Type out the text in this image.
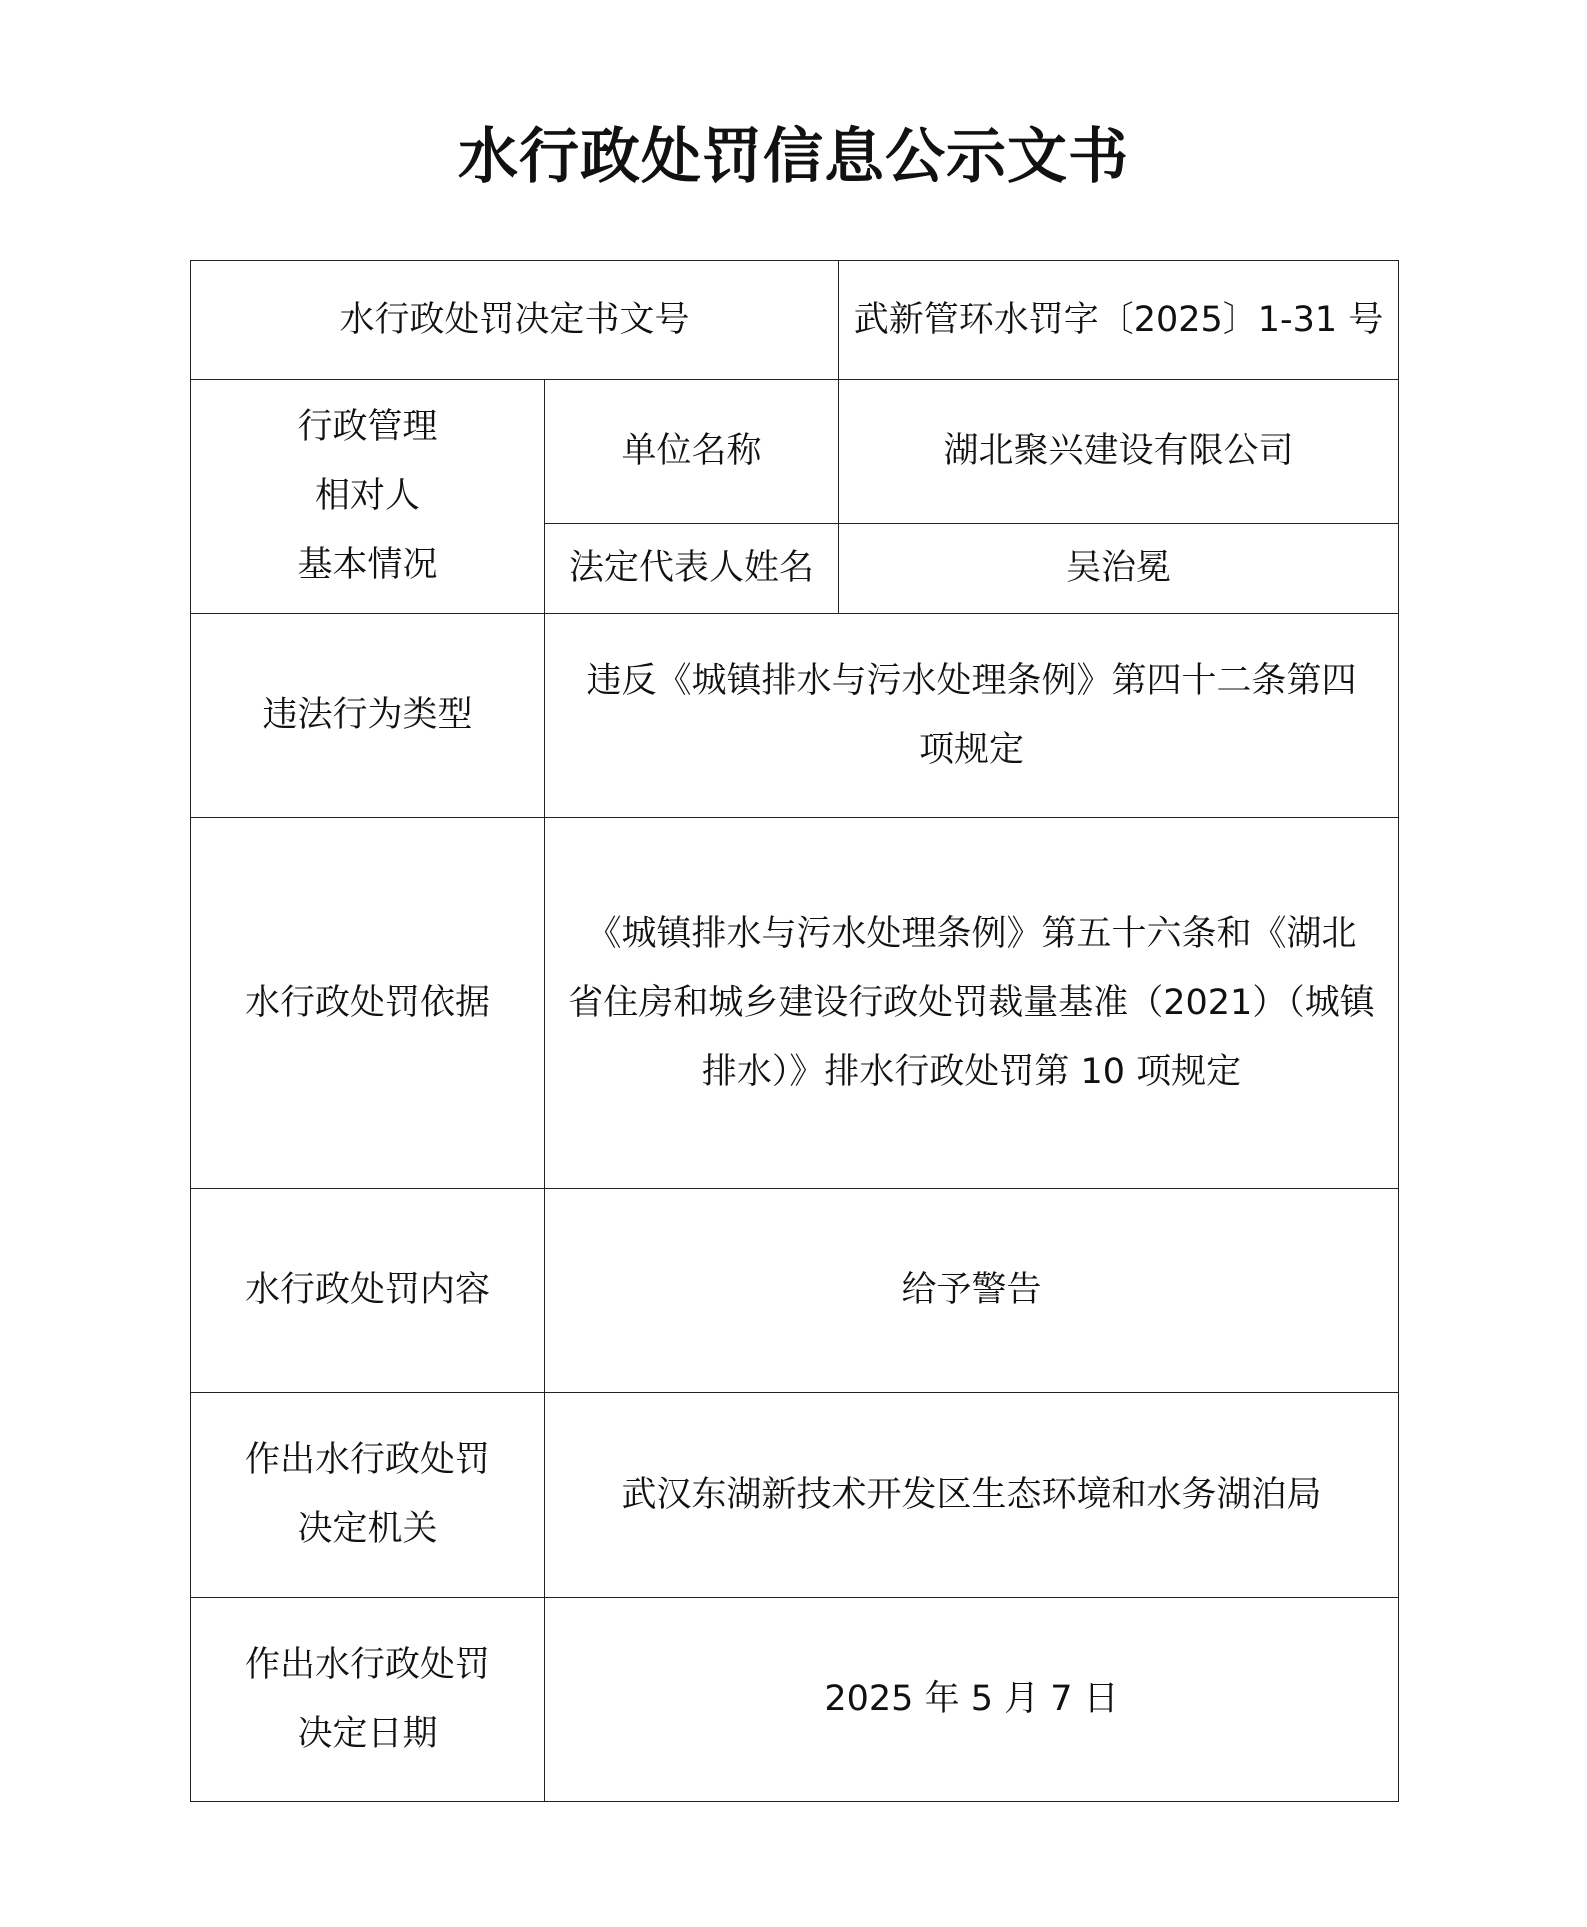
水行政处罚信息公示文书
水行政处罚决定书文号		武新管环水罚字〔2025〕1-31 号
行政管理
相对人
基本情况	单位名称	湖北聚兴建设有限公司
	法定代表人姓名	吴治冕
违法行为类型	违反《城镇排水与污水处理条例》第四十二条第四
项规定	
水行政处罚依据	《城镇排水与污水处理条例》第五十六条和《湖北
省住房和城乡建设行政处罚裁量基准（2021）（城镇
排水）》排水行政处罚第 10 项规定	
水行政处罚内容	给予警告	
作出水行政处罚
决定机关	武汉东湖新技术开发区生态环境和水务湖泊局	
作出水行政处罚
决定日期	2025 年 5 月 7 日	
